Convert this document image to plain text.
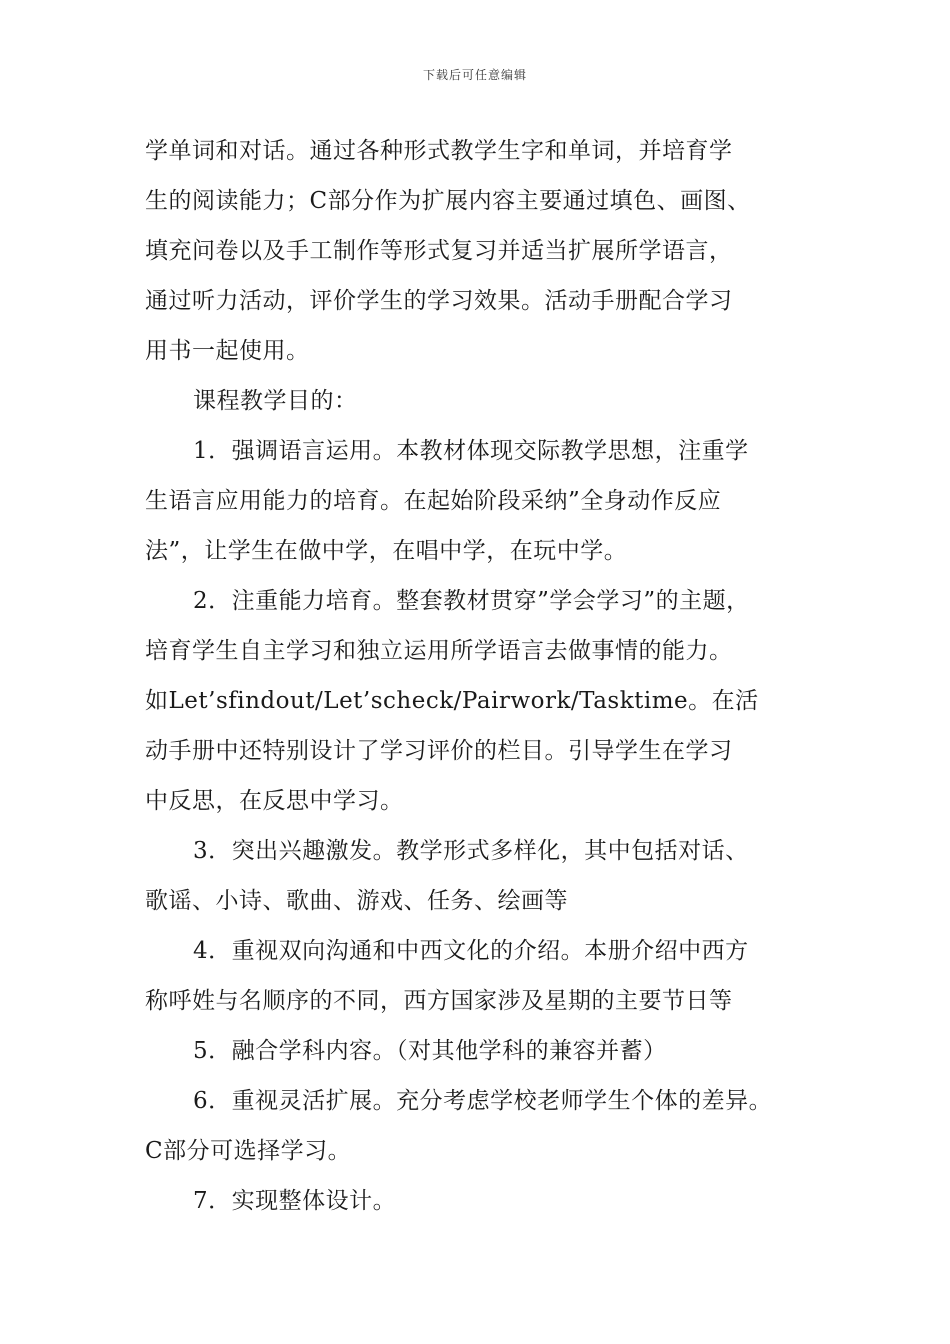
下载后可任意编辑
学单词和对话。通过各种形式教学生字和单词，并培育学
生的阅读能力；C部分作为扩展内容主要通过填色、画图、
填充问卷以及手工制作等形式复习并适当扩展所学语言，
通过听力活动，评价学生的学习效果。活动手册配合学习
用书一起使用。
课程教学目的：
1．强调语言运用。本教材体现交际教学思想，注重学
生语言应用能力的培育。在起始阶段采纳”全身动作反应
法”，让学生在做中学，在唱中学，在玩中学。
2．注重能力培育。整套教材贯穿”学会学习”的主题，
培育学生自主学习和独立运用所学语言去做事情的能力。
如Let’sfindout/Let’scheck/Pairwork/Tasktime。在活
动手册中还特别设计了学习评价的栏目。引导学生在学习
中反思，在反思中学习。
3．突出兴趣激发。教学形式多样化，其中包括对话、
歌谣、小诗、歌曲、游戏、任务、绘画等
4．重视双向沟通和中西文化的介绍。本册介绍中西方
称呼姓与名顺序的不同，西方国家涉及星期的主要节日等
5．融合学科内容。（对其他学科的兼容并蓄）
6．重视灵活扩展。充分考虑学校老师学生个体的差异。
C部分可选择学习。
7．实现整体设计。
